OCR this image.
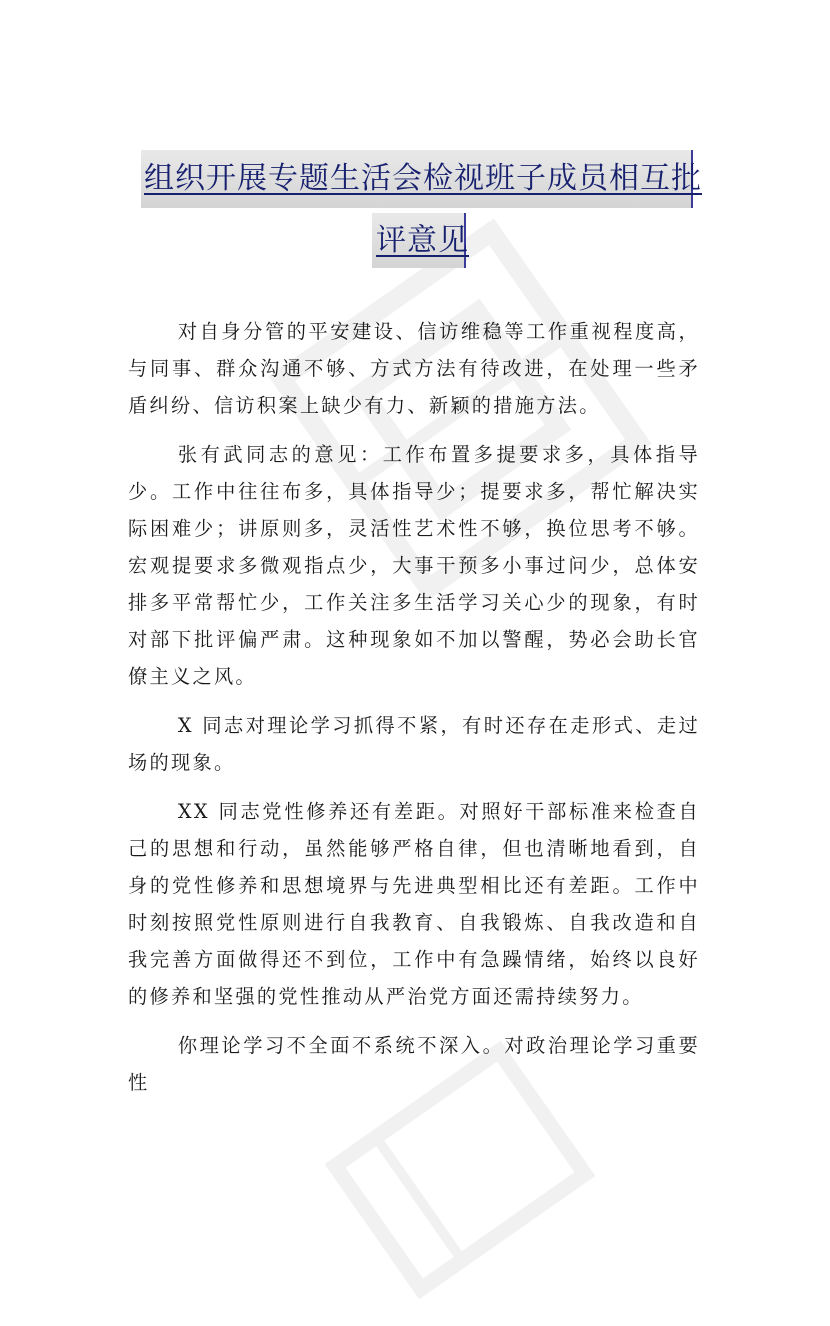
组织开展专题生活会检视班子成员相互批
评意见

对自身分管的平安建设、信访维稳等工作重视程度高，与同事、群众沟通不够、方式方法有待改进，在处理一些矛盾纠纷、信访积案上缺少有力、新颖的措施方法。

张有武同志的意见：工作布置多提要求多，具体指导少。工作中往往布多，具体指导少；提要求多，帮忙解决实际困难少；讲原则多，灵活性艺术性不够，换位思考不够。宏观提要求多微观指点少，大事干预多小事过问少，总体安排多平常帮忙少，工作关注多生活学习关心少的现象，有时对部下批评偏严肃。这种现象如不加以警醒，势必会助长官僚主义之风。

X 同志对理论学习抓得不紧，有时还存在走形式、走过场的现象。

XX 同志党性修养还有差距。对照好干部标准来检查自己的思想和行动，虽然能够严格自律，但也清晰地看到，自身的党性修养和思想境界与先进典型相比还有差距。工作中时刻按照党性原则进行自我教育、自我锻炼、自我改造和自我完善方面做得还不到位，工作中有急躁情绪，始终以良好的修养和坚强的党性推动从严治党方面还需持续努力。

你理论学习不全面不系统不深入。对政治理论学习重要性
